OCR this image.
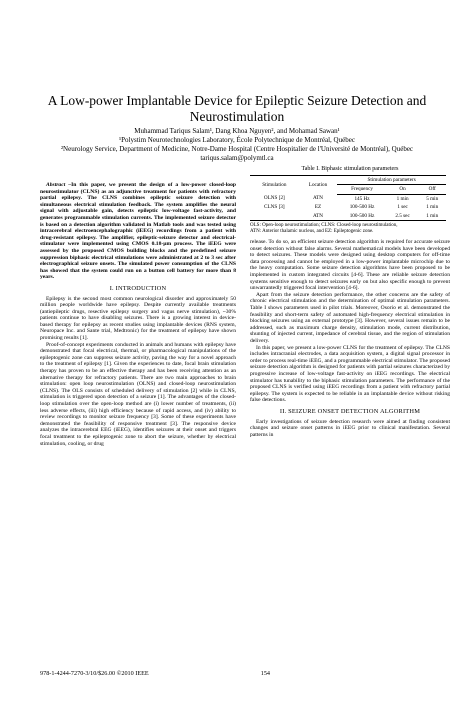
A Low-power Implantable Device for Epileptic Seizure Detection and Neurostimulation
Muhammad Tariqus Salam¹, Dang Khoa Nguyen², and Mohamad Sawan¹
¹Polystim Neurotechnologies Laboratory, École Polytechnique de Montréal, Québec
²Neurology Service, Department of Medicine, Notre-Dame Hospital (Centre Hospitalier de l'Université de Montréal), Québec
tariqus.salam@polymtl.ca

Abstract –In this paper, we present the design of a low-power closed-loop neurostimulator (CLNS) as an adjunctive treatment for patients with refractory partial epilepsy. The CLNS combines epileptic seizure detection with simultaneous electrical stimulation feedback. The system amplifies the neural signal with adjustable gain, detects epileptic low-voltage fast-activity, and generates programmable stimulation currents. The implemented seizure detector is based on a detection algorithm validated in Matlab tools and was tested using intracerebral electroencephalographic (iEEG) recordings from a patient with drug-resistant epilepsy. The amplifier, epileptic-seizure detector and electrical-stimulator were implemented using CMOS 0.18-µm process. The iEEG were assessed by the proposed CMOS building blocks and the predefined seizure suppression biphasic electrical stimulations were administrated at 2 to 3 sec after electrographical seizure onsets. The simulated power consumption of the CLNS has showed that the system could run on a button cell battery for more than 8 years.

I. INTRODUCTION

Epilepsy is the second most common neurological disorder and approximately 50 million people worldwide have epilepsy. Despite currently available treatments (antiepileptic drugs, resective epilepsy surgery and vagus nerve stimulation), ~30% patients continue to have disabling seizures. There is a growing interest in device-based therapy for epilepsy as recent studies using implantable devices (RNS system, Neuropace Inc. and Sante trial, Medtronic) for the treatment of epilepsy have shown promising results [1].

Proof-of-concept experiments conducted in animals and humans with epilepsy have demonstrated that focal electrical, thermal, or pharmacological manipulations of the epileptogenic zone can suppress seizure activity, paving the way for a novel approach to the treatment of epilepsy [1]. Given the experiences to date, focal brain stimulation therapy has proven to be an effective therapy and has been receiving attention as an alternative therapy for refractory patients. There are two main approaches to brain stimulation: open loop neurostimulation (OLNS) and closed-loop neurostimulation (CLNS). The OLS consists of scheduled delivery of stimulation [2] while in CLNS, stimulation is triggered upon detection of a seizure [1]. The advantages of the closed-loop stimulation over the open-loop method are (i) lower number of treatments, (ii) less adverse effects, (iii) high efficiency because of rapid access, and (iv) ability to review recordings to monitor seizure frequency [3]. Some of these experiments have demonstrated the feasibility of responsive treatment [3]. The responsive device analyzes the intracerebral EEG (iEEG), identifies seizures at their onset and triggers focal treatment to the epileptogenic zone to abort the seizure, whether by electrical stimulation, cooling, or drug

Table I. Biphasic stimulation parameters
Stimulation	Location	Stimulation parameters		
		Frequency	On	Off
OLNS [2]	ATN	145 Hz	1 min	5 min
CLNS [3]	EZ	100-500 Hz	1 sec	1 min
	ATN	100-500 Hz	2.5 sec	1 min
OLS: Open-loop neurostimulation; CLNS: Closed-loop neurostimulation,
ATN: Anterior thalamic nucleus, and EZ: Epileptogenic zone.

release. To do so, an efficient seizure detection algorithm is required for accurate seizure onset detection without false alarms. Several mathematical models have been developed to detect seizures. These models were designed using desktop computers for off-time data processing and cannot be employed in a low-power implantable microchip due to the heavy computation. Some seizure detection algorithms have been proposed to be implemented in custom integrated circuits [4-6]. These are reliable seizure detection systems sensitive enough to detect seizures early on but also specific enough to prevent unwarrantedly triggered focal intervention [4-6].

Apart from the seizure detection performance, the other concerns are the safety of chronic electrical stimulation and the determination of optimal stimulation parameters. Table I shows parameters used in pilot trials. Moreover, Osorio et al. demonstrated the feasibility and short-term safety of automated high-frequency electrical stimulation in blocking seizures using an external prototype [3]. However, several issues remain to be addressed, such as maximum charge density, stimulation mode, current distribution, shunting of injected current, impedance of cerebral tissue, and the region of stimulation delivery.

In this paper, we present a low-power CLNS for the treatment of epilepsy. The CLNS includes intracranial electrodes, a data acquisition system, a digital signal processor in order to process real-time iEEG, and a programmable electrical stimulator. The proposed seizure detection algorithm is designed for patients with partial seizures characterized by progressive increase of low-voltage fast-activity on iEEG recordings. The electrical stimulator has tunability to the biphasic stimulation parameters. The performance of the proposed CLNS is verified using iEEG recordings from a patient with refractory partial epilepsy. The system is expected to be reliable in an implantable device without risking false detections.

II. SEIZURE ONSET DETECTION ALGORITHM

Early investigations of seizure detection research were aimed at finding consistent changes and seizure onset patterns in iEEG prior to clinical manifestation. Several patterns in

978-1-4244-7270-3/10/$26.00 ©2010 IEEE	154
